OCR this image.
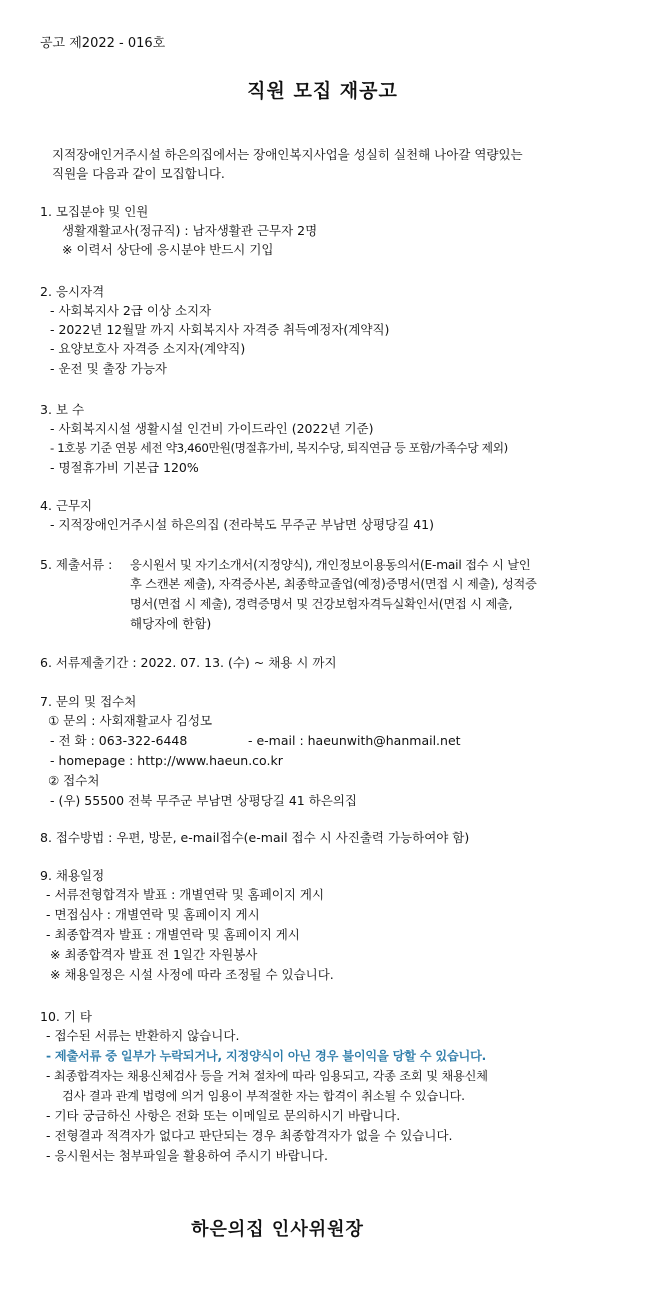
공고 제2022 - 016호
직원 모집 재공고
지적장애인거주시설 하은의집에서는 장애인복지사업을 성실히 실천해 나아갈 역량있는
직원을 다음과 같이 모집합니다.
1. 모집분야 및 인원
생활재활교사(정규직) : 남자생활관 근무자 2명
※ 이력서 상단에 응시분야 반드시 기입
2. 응시자격
- 사회복지사 2급 이상 소지자
- 2022년 12월말 까지 사회복지사 자격증 취득예정자(계약직)
- 요양보호사 자격증 소지자(계약직)
- 운전 및 출장 가능자
3. 보 수
- 사회복지시설 생활시설 인건비 가이드라인 (2022년 기준)
- 1호봉 기준 연봉 세전 약3,460만원(명절휴가비, 복지수당, 퇴직연금 등 포함/가족수당 제외)
- 명절휴가비 기본급 120%
4. 근무지
- 지적장애인거주시설 하은의집 (전라북도 무주군 부남면 상평당길 41)
5. 제출서류 : 응시원서 및 자기소개서(지정양식), 개인정보이용동의서(E-mail 접수 시 날인
후 스캔본 제출), 자격증사본, 최종학교졸업(예정)증명서(면접 시 제출), 성적증
명서(면접 시 제출), 경력증명서 및 건강보험자격득실확인서(면접 시 제출,
해당자에 한함)
6. 서류제출기간 : 2022. 07. 13. (수) ~ 채용 시 까지
7. 문의 및 접수처
① 문의 : 사회재활교사 김성모
- 전 화 : 063-322-6448	- e-mail : haeunwith@hanmail.net
- homepage : http://www.haeun.co.kr
② 접수처
- (우) 55500 전북 무주군 부남면 상평당길 41 하은의집
8. 접수방법 : 우편, 방문, e-mail접수(e-mail 접수 시 사진출력 가능하여야 함)
9. 채용일정
- 서류전형합격자 발표 : 개별연락 및 홈페이지 게시
- 면접심사 : 개별연락 및 홈페이지 게시
- 최종합격자 발표 : 개별연락 및 홈페이지 게시
※ 최종합격자 발표 전 1일간 자원봉사
※ 채용일정은 시설 사정에 따라 조정될 수 있습니다.
10. 기 타
- 접수된 서류는 반환하지 않습니다.
- 제출서류 중 일부가 누락되거나, 지정양식이 아닌 경우 불이익을 당할 수 있습니다.
- 최종합격자는 채용신체검사 등을 거쳐 절차에 따라 임용되고, 각종 조회 및 채용신체
검사 결과 관계 법령에 의거 임용이 부적절한 자는 합격이 취소될 수 있습니다.
- 기타 궁금하신 사항은 전화 또는 이메일로 문의하시기 바랍니다.
- 전형결과 적격자가 없다고 판단되는 경우 최종합격자가 없을 수 있습니다.
- 응시원서는 첨부파일을 활용하여 주시기 바랍니다.
하은의집 인사위원장
